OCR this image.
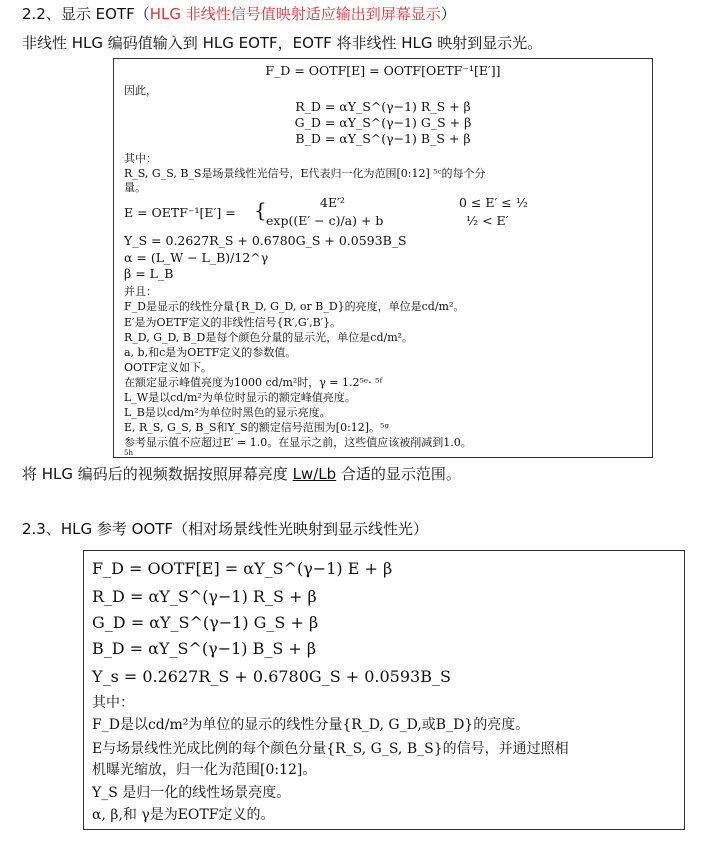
2.2、显示 EOTF（HLG 非线性信号值映射适应输出到屏幕显示）
非线性 HLG 编码值输入到 HLG EOTF，EOTF 将非线性 HLG 映射到显示光。
F_D = OOTF[E] = OOTF[OETF⁻¹[E′]]
因此，
R_D = αY_S^(γ−1) R_S + β
G_D = αY_S^(γ−1) G_S + β
B_D = αY_S^(γ−1) B_S + β
其中：
R_S, G_S, B_S是场景线性光信号，E代表归一化为范围[0:12] ⁵ᶜ的每个分
量。
E = OETF⁻¹[E′] = {	4E′²	0 ≤ E′ ≤ ½
exp((E′ − c)/a) + b	½ < E′
Y_S = 0.2627R_S + 0.6780G_S + 0.0593B_S
α = (L_W − L_B)/12^γ
β = L_B
并且：
F_D是显示的线性分量{R_D, G_D, or B_D}的亮度，单位是cd/m²。
E′是为OETF定义的非线性信号{R′,G′,B′}。
R_D, G_D, B_D是每个颜色分量的显示光，单位是cd/m²。
a, b,和c是为OETF定义的参数值。
OOTF定义如下。
在额定显示峰值亮度为1000 cd/m²时，γ = 1.2⁵ᵉ· ⁵ᶠ
L_W是以cd/m²为单位时显示的额定峰值亮度。
L_B是以cd/m²为单位时黑色的显示亮度。
E, R_S, G_S, B_S和Y_S的额定信号范围为[0:12]。⁵ᵍ
参考显示值不应超过E′ = 1.0。在显示之前，这些值应该被削减到1.0。
5h
将 HLG 编码后的视频数据按照屏幕亮度 Lw/Lb 合适的显示范围。
2.3、HLG 参考 OOTF（相对场景线性光映射到显示线性光）
F_D = OOTF[E] = αY_S^(γ−1) E + β
R_D = αY_S^(γ−1) R_S + β
G_D = αY_S^(γ−1) G_S + β
B_D = αY_S^(γ−1) B_S + β
Y_s = 0.2627R_S + 0.6780G_S + 0.0593B_S
其中：
F_D是以cd/m²为单位的显示的线性分量{R_D, G_D,或B_D}的亮度。
E与场景线性光成比例的每个颜色分量{R_S, G_S, B_S}的信号，并通过照相
机曝光缩放，归一化为范围[0:12]。
Y_S 是归一化的线性场景亮度。
α, β,和 γ是为EOTF定义的。
